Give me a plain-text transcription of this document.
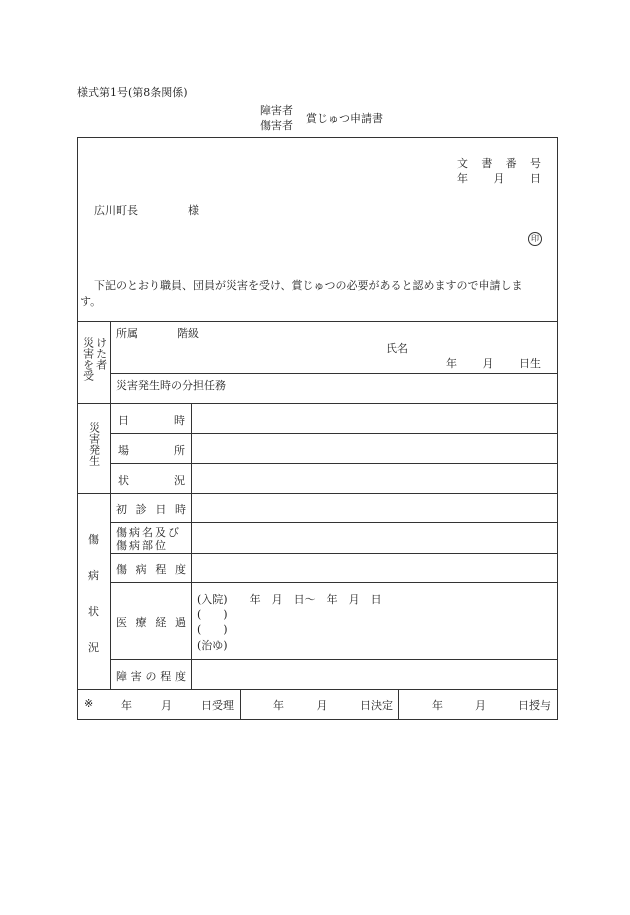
様式第1号(第8条関係)
障害者
傷害者
賞じゅつ申請書
文 書 番 号
年 月 日
広川町長	様
印
下記のとおり職員、団員が災害を受け、賞じゅつの必要があると認めますので申請しま
す。
けた者
災害を受
所属	階級
氏名
年 月 日生
災害発生時の分担任務
災害発生
日	時
場	所
状	況
傷
病
状
況
初 診 日 時
傷病名及び
傷病部位
傷 病 程 度
医 療 経 過
(入院)　　年　月　日～　年　月　日
(　　)
(　　)
(治ゆ)
障 害 の 程 度
※	年	月	日受理	年	月	日決定	年	月	日授与
